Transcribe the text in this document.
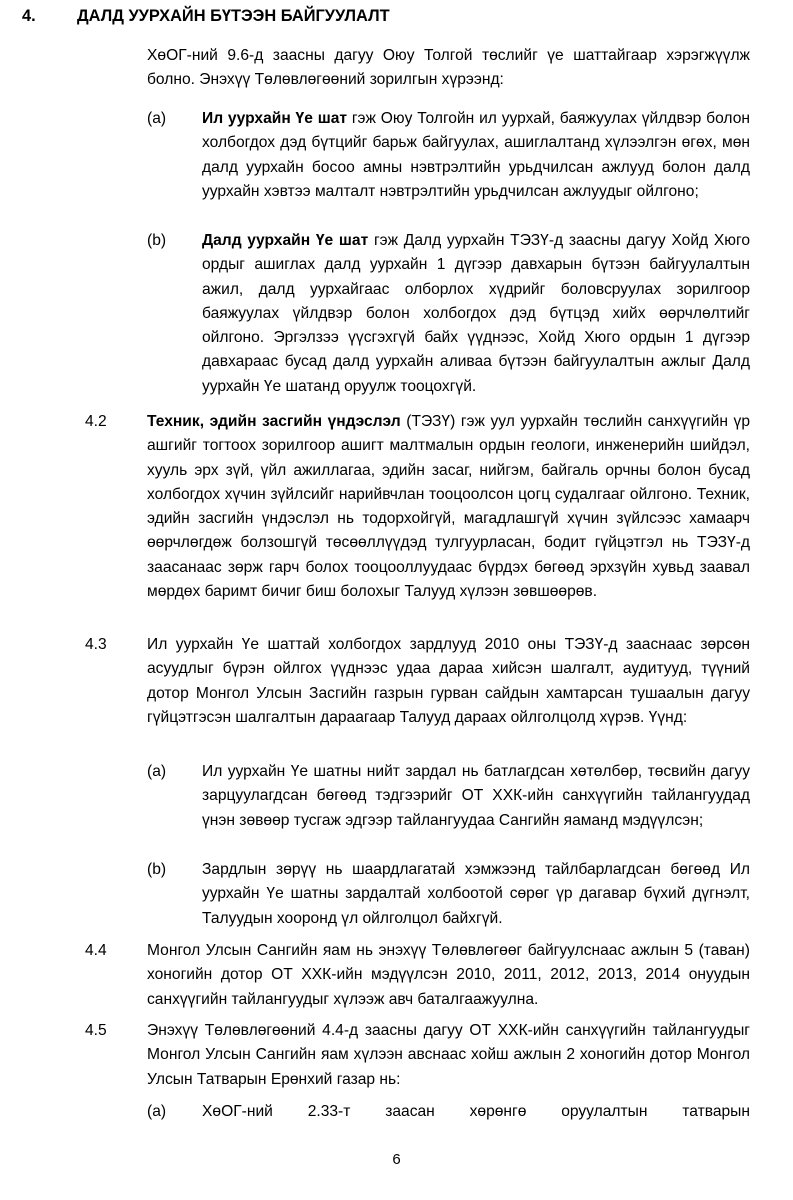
4.	ДАЛД УУРХАЙН БҮТЭЭН БАЙГУУЛАЛТ

ХөОГ-ний 9.6-д заасны дагуу Оюу Толгой төслийг үе шаттайгаар хэрэгжүүлж болно. Энэхүү Төлөвлөгөөний зорилгын хүрээнд:

(a) Ил уурхайн Үе шат гэж Оюу Толгойн ил уурхай, баяжуулах үйлдвэр болон холбогдох дэд бүтцийг барьж байгуулах, ашиглалтанд хүлээлгэн өгөх, мөн далд уурхайн босоо амны нэвтрэлтийн урьдчилсан ажлууд болон далд уурхайн хэвтээ малталт нэвтрэлтийн урьдчилсан ажлуудыг ойлгоно;

(b) Далд уурхайн Үе шат гэж Далд уурхайн ТЭЗҮ-д заасны дагуу Хойд Хюго ордыг ашиглах далд уурхайн 1 дүгээр давхарын бүтээн байгуулалтын ажил, далд уурхайгаас олборлох хүдрийг боловсруулах зорилгоор баяжуулах үйлдвэр болон холбогдох дэд бүтцэд хийх өөрчлөлтийг ойлгоно. Эргэлзээ үүсгэхгүй байх үүднээс, Хойд Хюго ордын 1 дүгээр давхараас бусад далд уурхайн аливаа бүтээн байгуулалтын ажлыг Далд уурхайн Үе шатанд оруулж тооцохгүй.

4.2	Техник, эдийн засгийн үндэслэл (ТЭЗҮ) гэж уул уурхайн төслийн санхүүгийн үр ашгийг тогтоох зорилгоор ашигт малтмалын ордын геологи, инженерийн шийдэл, хууль эрх зүй, үйл ажиллагаа, эдийн засаг, нийгэм, байгаль орчны болон бусад холбогдох хүчин зүйлсийг нарийвчлан тооцоолсон цогц судалгааг ойлгоно. Техник, эдийн засгийн үндэслэл нь тодорхойгүй, магадлашгүй хүчин зүйлсээс хамаарч өөрчлөгдөж болзошгүй төсөөллүүдэд тулгуурласан, бодит гүйцэтгэл нь ТЭЗҮ-д заасанаас зөрж гарч болох тооцооллуудаас бүрдэх бөгөөд эрхзүйн хувьд заавал мөрдөх баримт бичиг биш болохыг Талууд хүлээн зөвшөөрөв.

4.3	Ил уурхайн Үе шаттай холбогдох зардлууд 2010 оны ТЭЗҮ-д зааснаас зөрсөн асуудлыг бүрэн ойлгох үүднээс удаа дараа хийсэн шалгалт, аудитууд, түүний дотор Монгол Улсын Засгийн газрын гурван сайдын хамтарсан тушаалын дагуу гүйцэтгэсэн шалгалтын дараагаар Талууд дараах ойлголцолд хүрэв. Үүнд:

(a) Ил уурхайн Үе шатны нийт зардал нь батлагдсан хөтөлбөр, төсвийн дагуу зарцуулагдсан бөгөөд тэдгээрийг ОТ ХХК-ийн санхүүгийн тайлангуудад үнэн зөвөөр тусгаж эдгээр тайлангуудаа Сангийн яаманд мэдүүлсэн;

(b) Зардлын зөрүү нь шаардлагатай хэмжээнд тайлбарлагдсан бөгөөд Ил уурхайн Үе шатны зардалтай холбоотой сөрөг үр дагавар бүхий дүгнэлт, Талуудын хооронд үл ойлголцол байхгүй.

4.4	Монгол Улсын Сангийн яам нь энэхүү Төлөвлөгөөг байгуулснаас ажлын 5 (таван) хоногийн дотор ОТ ХХК-ийн мэдүүлсэн 2010, 2011, 2012, 2013, 2014 онуудын санхүүгийн тайлангуудыг хүлээж авч баталгаажуулна.

4.5	Энэхүү Төлөвлөгөөний 4.4-д заасны дагуу ОТ ХХК-ийн санхүүгийн тайлангуудыг Монгол Улсын Сангийн яам хүлээн авснаас хойш ажлын 2 хоногийн дотор Монгол Улсын Татварын Ерөнхий газар нь:

(a) ХөОГ-ний 2.33-т заасан хөрөнгө оруулалтын татварын

6
